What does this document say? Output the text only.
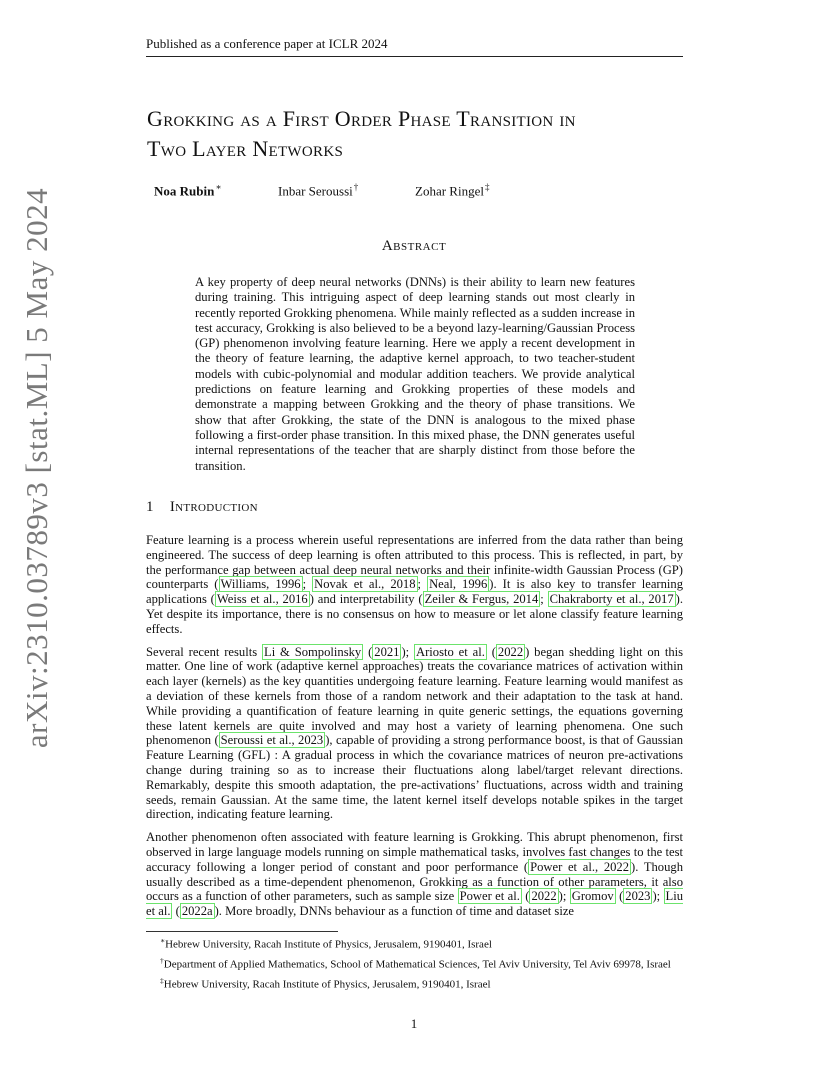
Published as a conference paper at ICLR 2024
arXiv:2310.03789v3 [stat.ML] 5 May 2024
Grokking as a First Order Phase Transition in
Two Layer Networks
Noa Rubin∗	Inbar Seroussi†	Zohar Ringel‡
Abstract
A key property of deep neural networks (DNNs) is their ability to learn new features during training. This intriguing aspect of deep learning stands out most clearly in recently reported Grokking phenomena. While mainly reflected as a sudden increase in test accuracy, Grokking is also believed to be a beyond lazy-learning/Gaussian Process (GP) phenomenon involving feature learning. Here we apply a recent development in the theory of feature learning, the adaptive kernel approach, to two teacher-student models with cubic-polynomial and modular addition teachers. We provide analytical predictions on feature learning and Grokking properties of these models and demonstrate a mapping between Grokking and the theory of phase transitions. We show that after Grokking, the state of the DNN is analogous to the mixed phase following a first-order phase transition. In this mixed phase, the DNN generates useful internal representations of the teacher that are sharply distinct from those before the transition.
1 Introduction

Feature learning is a process wherein useful representations are inferred from the data rather than being engineered. The success of deep learning is often attributed to this process. This is reflected, in part, by the performance gap between actual deep neural networks and their infinite-width Gaussian Process (GP) counterparts ( Williams, 1996 ; Novak et al., 2018 ; Neal, 1996 ). It is also key to transfer learning applications ( Weiss et al., 2016 ) and interpretability ( Zeiler & Fergus, 2014 ; Chakraborty et al., 2017 ). Yet despite its importance, there is no consensus on how to measure or let alone classify feature learning effects.

Several recent results Li & Sompolinsky ( 2021 ); Ariosto et al. ( 2022 ) began shedding light on this matter. One line of work (adaptive kernel approaches) treats the covariance matrices of activation within each layer (kernels) as the key quantities undergoing feature learning. Feature learning would manifest as a deviation of these kernels from those of a random network and their adaptation to the task at hand. While providing a quantification of feature learning in quite generic settings, the equations governing these latent kernels are quite involved and may host a variety of learning phenomena. One such phenomenon ( Seroussi et al., 2023 ), capable of providing a strong performance boost, is that of Gaussian Feature Learning (GFL) : A gradual process in which the covariance matrices of neuron pre-activations change during training so as to increase their fluctuations along label/target relevant directions. Remarkably, despite this smooth adaptation, the pre-activations’ fluctuations, across width and training seeds, remain Gaussian. At the same time, the latent kernel itself develops notable spikes in the target direction, indicating feature learning.

Another phenomenon often associated with feature learning is Grokking. This abrupt phenomenon, first observed in large language models running on simple mathematical tasks, involves fast changes to the test accuracy following a longer period of constant and poor performance ( Power et al., 2022 ). Though usually described as a time-dependent phenomenon, Grokking as a function of other parameters, it also occurs as a function of other parameters, such as sample size Power et al. ( 2022 ); Gromov ( 2023 ); Liu et al. ( 2022a ). More broadly, DNNs behaviour as a function of time and dataset size

∗Hebrew University, Racah Institute of Physics, Jerusalem, 9190401, Israel
†Department of Applied Mathematics, School of Mathematical Sciences, Tel Aviv University, Tel Aviv 69978, Israel
‡Hebrew University, Racah Institute of Physics, Jerusalem, 9190401, Israel
1
